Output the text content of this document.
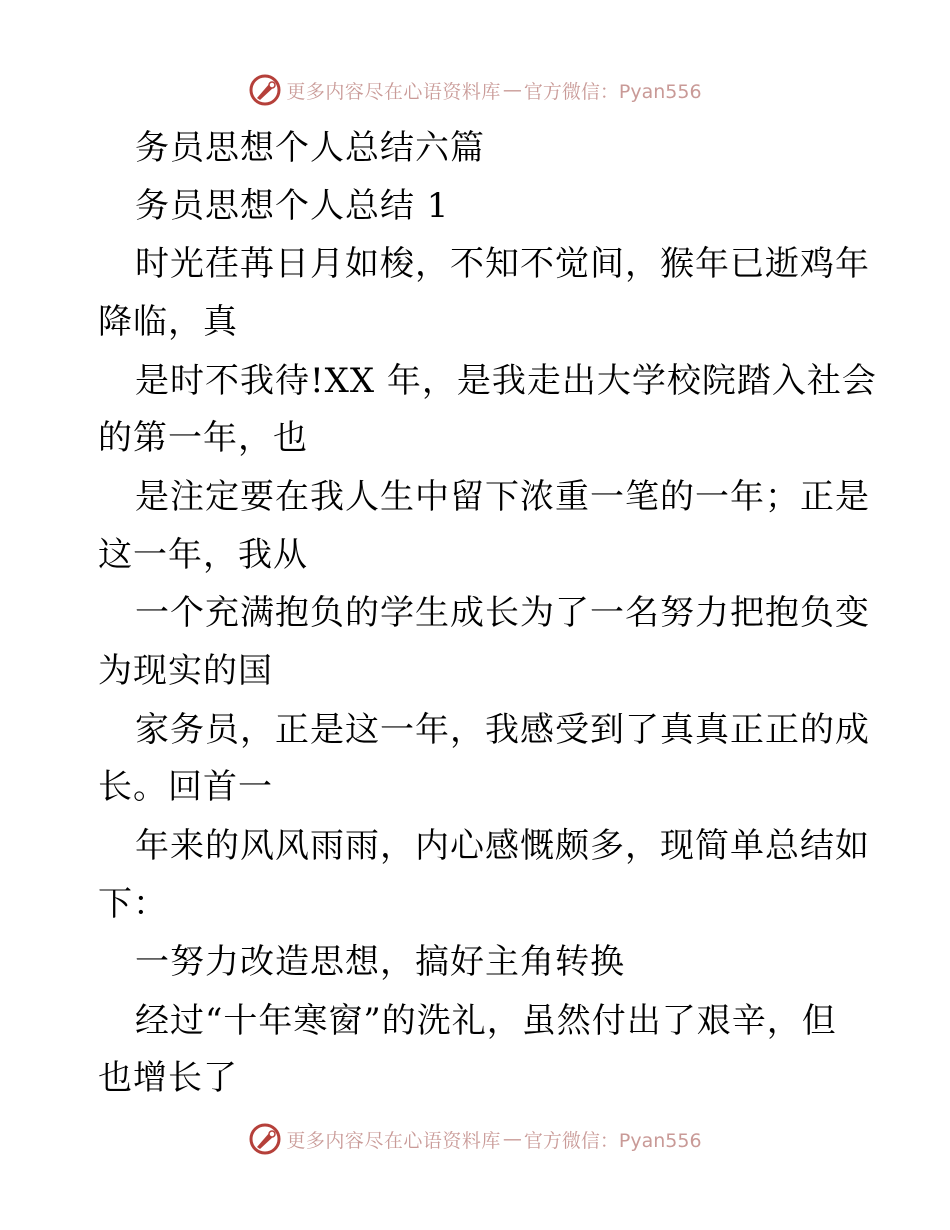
更多内容尽在心语资料库 — 官方微信：Pyan556
务员思想个人总结六篇
务员思想个人总结 1
时光荏苒日月如梭，不知不觉间，猴年已逝鸡年
降临，真
是时不我待!XX 年，是我走出大学校院踏入社会
的第一年，也
是注定要在我人生中留下浓重一笔的一年；正是
这一年，我从
一个充满抱负的学生成长为了一名努力把抱负变
为现实的国
家务员，正是这一年，我感受到了真真正正的成
长。回首一
年来的风风雨雨，内心感慨颇多，现简单总结如
下：
一努力改造思想，搞好主角转换
经过“十年寒窗”的洗礼，虽然付出了艰辛，但
也增长了
更多内容尽在心语资料库 — 官方微信：Pyan556
